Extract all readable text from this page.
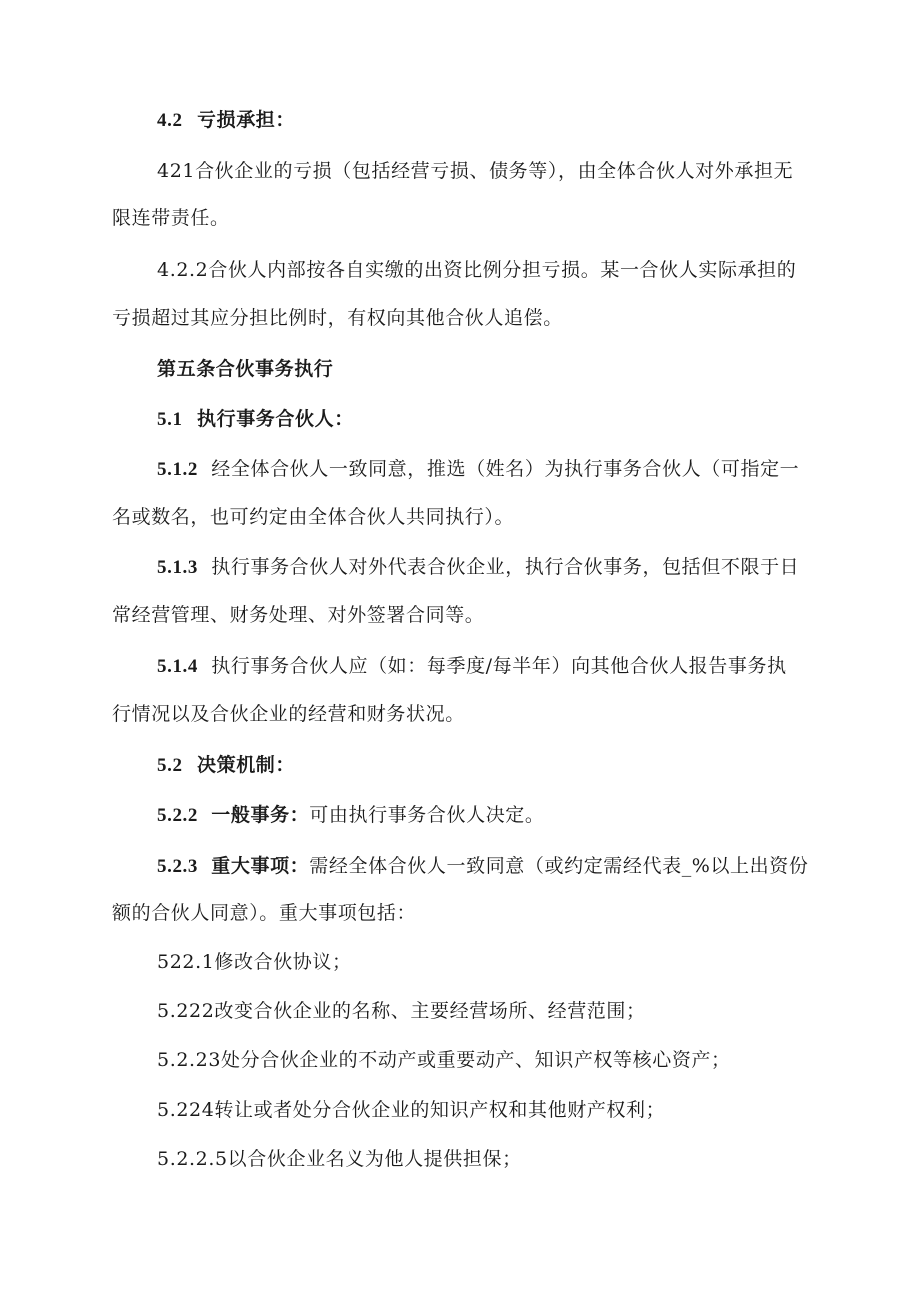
4.2 亏损承担：
421合伙企业的亏损（包括经营亏损、债务等），由全体合伙人对外承担无
限连带责任。
4.2.2合伙人内部按各自实缴的出资比例分担亏损。某一合伙人实际承担的
亏损超过其应分担比例时，有权向其他合伙人追偿。
第五条合伙事务执行
5.1 执行事务合伙人：
5.1.2 经全体合伙人一致同意，推选（姓名）为执行事务合伙人（可指定一
名或数名，也可约定由全体合伙人共同执行）。
5.1.3 执行事务合伙人对外代表合伙企业，执行合伙事务，包括但不限于日
常经营管理、财务处理、对外签署合同等。
5.1.4 执行事务合伙人应（如：每季度/每半年）向其他合伙人报告事务执
行情况以及合伙企业的经营和财务状况。
5.2 决策机制：
5.2.2 一般事务：可由执行事务合伙人决定。
5.2.3 重大事项：需经全体合伙人一致同意（或约定需经代表_%以上出资份
额的合伙人同意）。重大事项包括：
522.1修改合伙协议；
5.222改变合伙企业的名称、主要经营场所、经营范围；
5.2.23处分合伙企业的不动产或重要动产、知识产权等核心资产；
5.224转让或者处分合伙企业的知识产权和其他财产权利；
5.2.2.5以合伙企业名义为他人提供担保；
